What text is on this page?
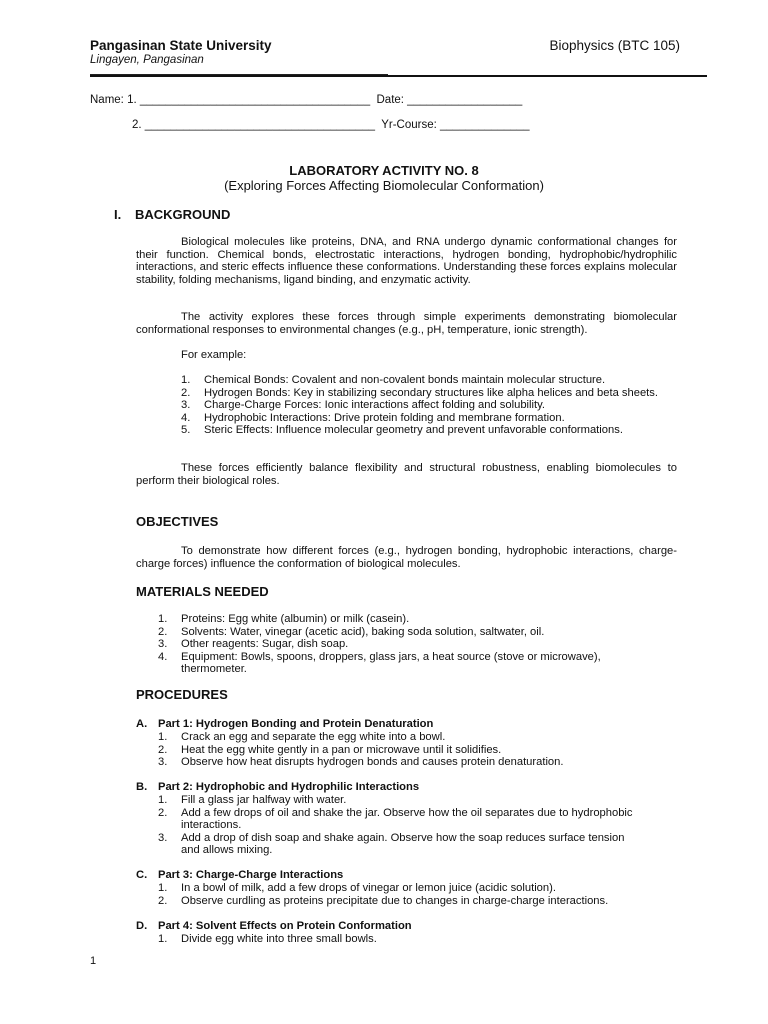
Pangasinan State University
Lingayen, Pangasinan
Biophysics (BTC 105)
Name: 1. ____________________________________  Date: __________________
2. ____________________________________  Yr-Course: ______________
LABORATORY ACTIVITY NO. 8
(Exploring Forces Affecting Biomolecular Conformation)
I. BACKGROUND
Biological molecules like proteins, DNA, and RNA undergo dynamic conformational changes for their function. Chemical bonds, electrostatic interactions, hydrogen bonding, hydrophobic/hydrophilic interactions, and steric effects influence these conformations. Understanding these forces explains molecular stability, folding mechanisms, ligand binding, and enzymatic activity.
The activity explores these forces through simple experiments demonstrating biomolecular conformational responses to environmental changes (e.g., pH, temperature, ionic strength).
For example:
1. Chemical Bonds: Covalent and non-covalent bonds maintain molecular structure.
2. Hydrogen Bonds: Key in stabilizing secondary structures like alpha helices and beta sheets.
3. Charge-Charge Forces: Ionic interactions affect folding and solubility.
4. Hydrophobic Interactions: Drive protein folding and membrane formation.
5. Steric Effects: Influence molecular geometry and prevent unfavorable conformations.
These forces efficiently balance flexibility and structural robustness, enabling biomolecules to perform their biological roles.
OBJECTIVES
To demonstrate how different forces (e.g., hydrogen bonding, hydrophobic interactions, charge-charge forces) influence the conformation of biological molecules.
MATERIALS NEEDED
1. Proteins: Egg white (albumin) or milk (casein).
2. Solvents: Water, vinegar (acetic acid), baking soda solution, saltwater, oil.
3. Other reagents: Sugar, dish soap.
4. Equipment: Bowls, spoons, droppers, glass jars, a heat source (stove or microwave), thermometer.
PROCEDURES
A. Part 1: Hydrogen Bonding and Protein Denaturation
1. Crack an egg and separate the egg white into a bowl.
2. Heat the egg white gently in a pan or microwave until it solidifies.
3. Observe how heat disrupts hydrogen bonds and causes protein denaturation.
B. Part 2: Hydrophobic and Hydrophilic Interactions
1. Fill a glass jar halfway with water.
2. Add a few drops of oil and shake the jar. Observe how the oil separates due to hydrophobic interactions.
3. Add a drop of dish soap and shake again. Observe how the soap reduces surface tension and allows mixing.
C. Part 3: Charge-Charge Interactions
1. In a bowl of milk, add a few drops of vinegar or lemon juice (acidic solution).
2. Observe curdling as proteins precipitate due to changes in charge-charge interactions.
D. Part 4: Solvent Effects on Protein Conformation
1. Divide egg white into three small bowls.
1
